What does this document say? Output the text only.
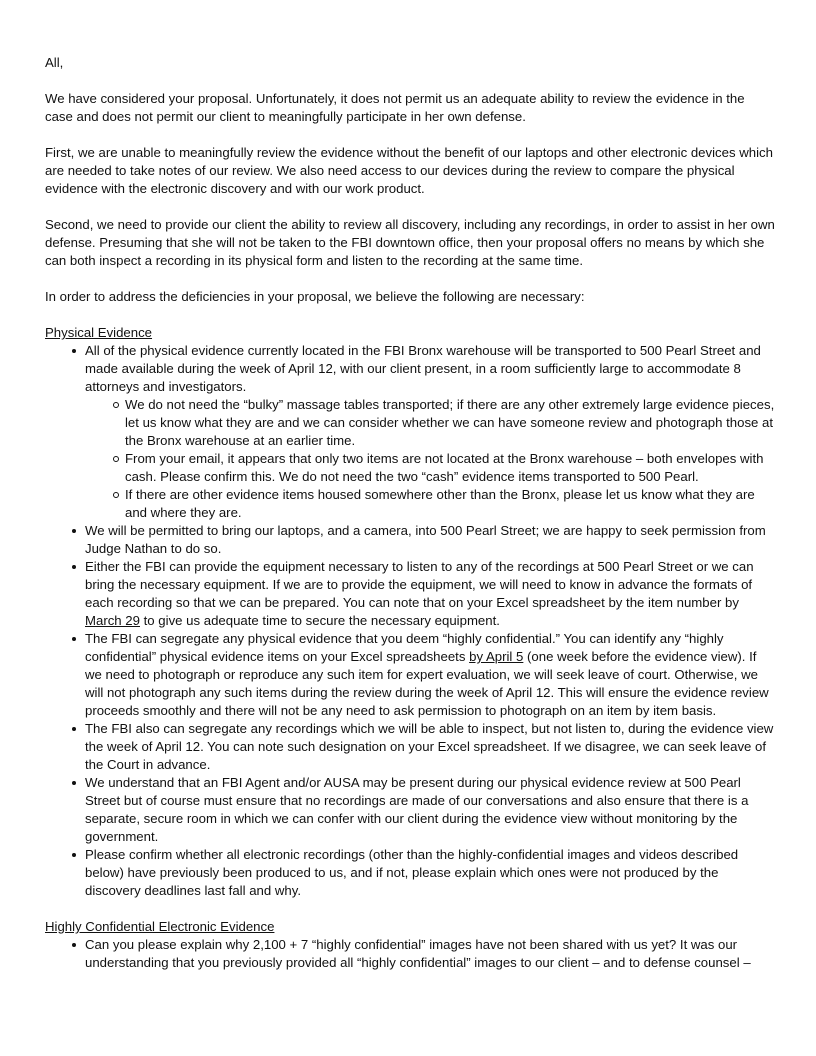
All,

We have considered your proposal. Unfortunately, it does not permit us an adequate ability to review the evidence in the case and does not permit our client to meaningfully participate in her own defense.

First, we are unable to meaningfully review the evidence without the benefit of our laptops and other electronic devices which are needed to take notes of our review. We also need access to our devices during the review to compare the physical evidence with the electronic discovery and with our work product.

Second, we need to provide our client the ability to review all discovery, including any recordings, in order to assist in her own defense. Presuming that she will not be taken to the FBI downtown office, then your proposal offers no means by which she can both inspect a recording in its physical form and listen to the recording at the same time.

In order to address the deficiencies in your proposal, we believe the following are necessary:

Physical Evidence
All of the physical evidence currently located in the FBI Bronx warehouse will be transported to 500 Pearl Street and made available during the week of April 12, with our client present, in a room sufficiently large to accommodate 8 attorneys and investigators.
We do not need the “bulky” massage tables transported; if there are any other extremely large evidence pieces, let us know what they are and we can consider whether we can have someone review and photograph those at the Bronx warehouse at an earlier time.
From your email, it appears that only two items are not located at the Bronx warehouse – both envelopes with cash. Please confirm this. We do not need the two “cash” evidence items transported to 500 Pearl.
If there are other evidence items housed somewhere other than the Bronx, please let us know what they are and where they are.
We will be permitted to bring our laptops, and a camera, into 500 Pearl Street; we are happy to seek permission from Judge Nathan to do so.
Either the FBI can provide the equipment necessary to listen to any of the recordings at 500 Pearl Street or we can bring the necessary equipment. If we are to provide the equipment, we will need to know in advance the formats of each recording so that we can be prepared. You can note that on your Excel spreadsheet by the item number by March 29 to give us adequate time to secure the necessary equipment.
The FBI can segregate any physical evidence that you deem “highly confidential.” You can identify any “highly confidential” physical evidence items on your Excel spreadsheets by April 5 (one week before the evidence view). If we need to photograph or reproduce any such item for expert evaluation, we will seek leave of court. Otherwise, we will not photograph any such items during the review during the week of April 12. This will ensure the evidence review proceeds smoothly and there will not be any need to ask permission to photograph on an item by item basis.
The FBI also can segregate any recordings which we will be able to inspect, but not listen to, during the evidence view the week of April 12. You can note such designation on your Excel spreadsheet. If we disagree, we can seek leave of the Court in advance.
We understand that an FBI Agent and/or AUSA may be present during our physical evidence review at 500 Pearl Street but of course must ensure that no recordings are made of our conversations and also ensure that there is a separate, secure room in which we can confer with our client during the evidence view without monitoring by the government.
Please confirm whether all electronic recordings (other than the highly-confidential images and videos described below) have previously been produced to us, and if not, please explain which ones were not produced by the discovery deadlines last fall and why.
Highly Confidential Electronic Evidence
Can you please explain why 2,100 + 7 “highly confidential” images have not been shared with us yet? It was our understanding that you previously provided all “highly confidential” images to our client – and to defense counsel –
